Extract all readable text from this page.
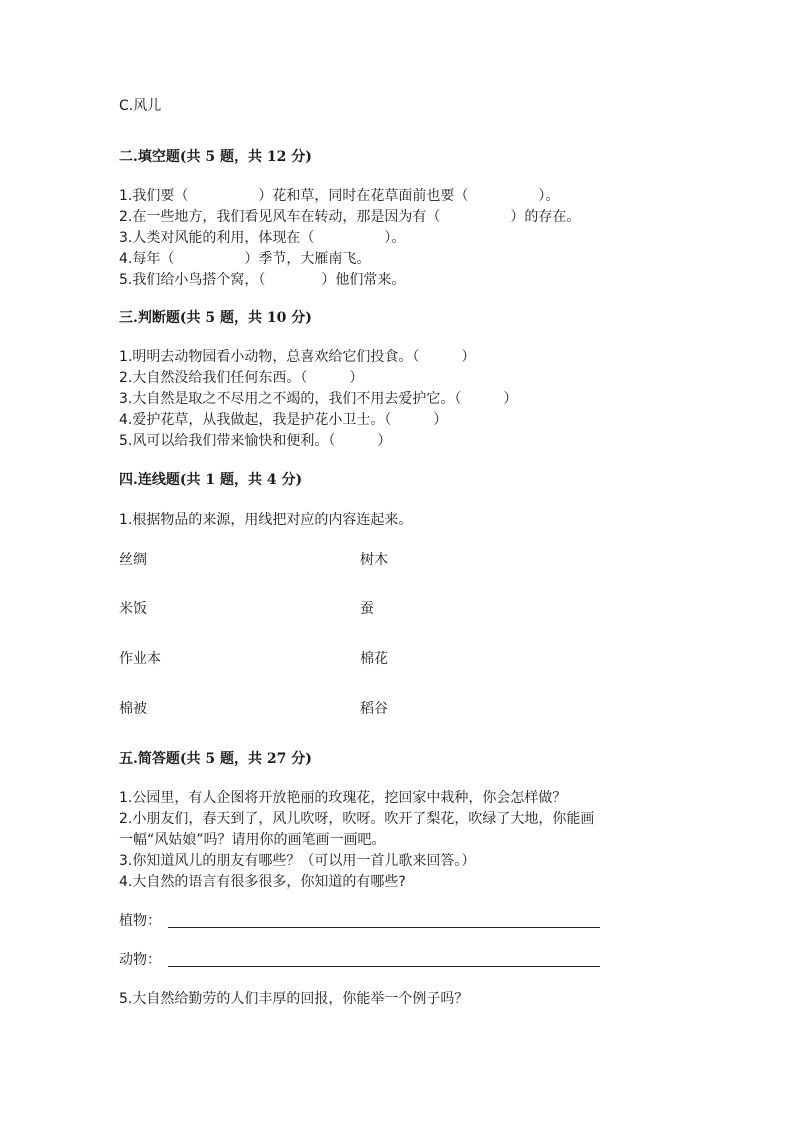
C.风儿
二.填空题(共 5 题，共 12 分)
1.我们要（　　　　　）花和草，同时在花草面前也要（　　　　　）。
2.在一些地方，我们看见风车在转动，那是因为有（　　　　　）的存在。
3.人类对风能的利用，体现在（　　　　　）。
4.每年（　　　　　）季节，大雁南飞。
5.我们给小鸟搭个窝，（　　　　）他们常来。
三.判断题(共 5 题，共 10 分)
1.明明去动物园看小动物，总喜欢给它们投食。（　　　）
2.大自然没给我们任何东西。（　　　）
3.大自然是取之不尽用之不竭的，我们不用去爱护它。（　　　）
4.爱护花草，从我做起，我是护花小卫士。（　　　）
5.风可以给我们带来愉快和便利。（　　　）
四.连线题(共 1 题，共 4 分)
1.根据物品的来源，用线把对应的内容连起来。
丝绸	树木
米饭	蚕
作业本	棉花
棉被	稻谷
五.简答题(共 5 题，共 27 分)
1.公园里，有人企图将开放艳丽的玫瑰花，挖回家中栽种，你会怎样做？
2.小朋友们，春天到了，风儿吹呀，吹呀。吹开了梨花，吹绿了大地，你能画
一幅“风姑娘”吗？请用你的画笔画一画吧。
3.你知道风儿的朋友有哪些？（可以用一首儿歌来回答。）
4.大自然的语言有很多很多，你知道的有哪些?
植物：
动物：
5.大自然给勤劳的人们丰厚的回报，你能举一个例子吗？
